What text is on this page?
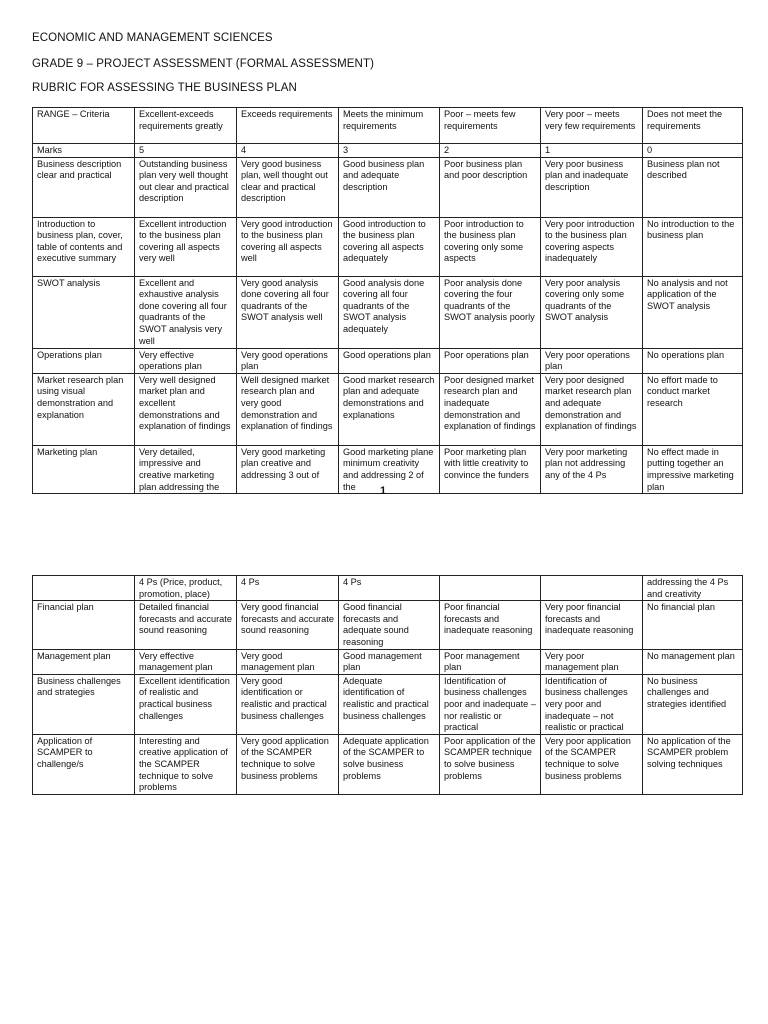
ECONOMIC AND MANAGEMENT SCIENCES
GRADE 9 – PROJECT ASSESSMENT (FORMAL ASSESSMENT)
RUBRIC FOR ASSESSING THE BUSINESS PLAN
RANGE – Criteria	Excellent-exceeds requirements greatly	Exceeds requirements	Meets the minimum requirements	Poor – meets few requirements	Very poor – meets very few requirements	Does not meet the requirements
Marks	5	4	3	2	1	0
Business description clear and practical	Outstanding business plan very well thought out clear and practical description	Very good business plan, well thought out clear and practical description	Good business plan and adequate description	Poor business plan and poor description	Very poor business plan and inadequate description	Business plan not described
Introduction to business plan, cover, table of contents and executive summary	Excellent introduction to the business plan covering all aspects very well	Very good introduction to the business plan covering all aspects well	Good introduction to the business plan covering all aspects adequately	Poor introduction to the business plan covering only some aspects	Very poor introduction to the business plan covering aspects inadequately	No introduction to the business plan
SWOT analysis	Excellent and exhaustive analysis done covering all four quadrants of the SWOT analysis very well	Very good analysis done covering all four quadrants of the SWOT analysis well	Good analysis done covering all four quadrants of the SWOT analysis adequately	Poor analysis done covering the four quadrants of the SWOT analysis poorly	Very poor analysis covering only some quadrants of the SWOT analysis	No analysis and not application of the SWOT analysis
Operations plan	Very effective operations plan	Very good operations plan	Good operations plan	Poor operations plan	Very poor operations plan	No operations plan
Market research plan using visual demonstration and explanation	Very well designed market plan and excellent demonstrations and explanation of findings	Well designed market research plan and very good demonstration and explanation of findings	Good market research plan and adequate demonstrations and explanations	Poor designed market research plan and inadequate demonstration and explanation of findings	Very poor designed market research plan and adequate demonstration and explanation of findings	No effort made to conduct market research
Marketing plan	Very detailed, impressive and creative marketing plan addressing the	Very good marketing plan creative and addressing 3 out of	Good marketing plane minimum creativity and addressing 2 of the	Poor marketing plan with little creativity to convince the funders	Very poor marketing plan not addressing any of the 4 Ps	No effect made in putting together an impressive marketing plan
1
	4 Ps (Price, product, promotion, place)	4 Ps	4 Ps			addressing the 4 Ps and creativity
Financial plan	Detailed financial forecasts and accurate sound reasoning	Very good financial forecasts and accurate sound reasoning	Good financial forecasts and adequate sound reasoning	Poor financial forecasts and inadequate reasoning	Very poor financial forecasts and inadequate reasoning	No financial plan
Management plan	Very effective management plan	Very good management plan	Good management plan	Poor management plan	Very poor management plan	No management plan
Business challenges and strategies	Excellent identification of realistic and practical business challenges	Very good identification or realistic and practical business challenges	Adequate identification of realistic and practical business challenges	Identification of business challenges poor and inadequate – nor realistic or practical	Identification of business challenges very poor and inadequate – not realistic or practical	No business challenges and strategies identified
Application of SCAMPER to challenge/s	Interesting and creative application of the SCAMPER technique to solve problems	Very good application of the SCAMPER technique to solve business problems	Adequate application of the SCAMPER to solve business problems	Poor application of the SCAMPER technique to solve business problems	Very poor application of the SCAMPER technique to solve business problems	No application of the SCAMPER problem solving techniques
